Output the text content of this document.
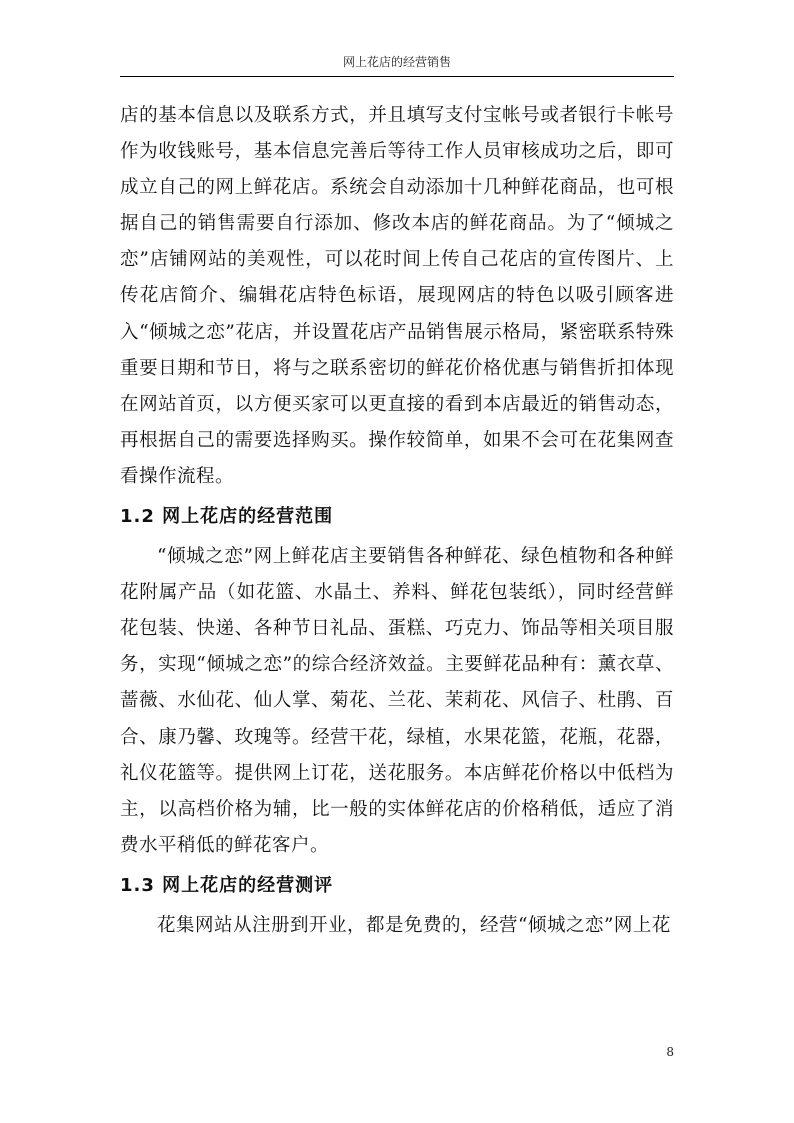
网上花店的经营销售

店的基本信息以及联系方式，并且填写支付宝帐号或者银行卡帐号作为收钱账号，基本信息完善后等待工作人员审核成功之后，即可成立自己的网上鲜花店。系统会自动添加十几种鲜花商品，也可根据自己的销售需要自行添加、修改本店的鲜花商品。为了“倾城之恋”店铺网站的美观性，可以花时间上传自己花店的宣传图片、上传花店简介、编辑花店特色标语，展现网店的特色以吸引顾客进入“倾城之恋”花店，并设置花店产品销售展示格局，紧密联系特殊重要日期和节日，将与之联系密切的鲜花价格优惠与销售折扣体现在网站首页，以方便买家可以更直接的看到本店最近的销售动态，再根据自己的需要选择购买。操作较简单，如果不会可在花集网查看操作流程。

1.2 网上花店的经营范围

“倾城之恋”网上鲜花店主要销售各种鲜花、绿色植物和各种鲜花附属产品（如花篮、水晶土、养料、鲜花包装纸），同时经营鲜花包装、快递、各种节日礼品、蛋糕、巧克力、饰品等相关项目服务，实现“倾城之恋”的综合经济效益。主要鲜花品种有：薰衣草、蔷薇、水仙花、仙人掌、菊花、兰花、茉莉花、风信子、杜鹃、百合、康乃馨、玫瑰等。经营干花，绿植，水果花篮，花瓶，花器，礼仪花篮等。提供网上订花，送花服务。本店鲜花价格以中低档为主，以高档价格为辅，比一般的实体鲜花店的价格稍低，适应了消费水平稍低的鲜花客户。

1.3 网上花店的经营测评

花集网站从注册到开业，都是免费的，经营“倾城之恋”网上花

8
